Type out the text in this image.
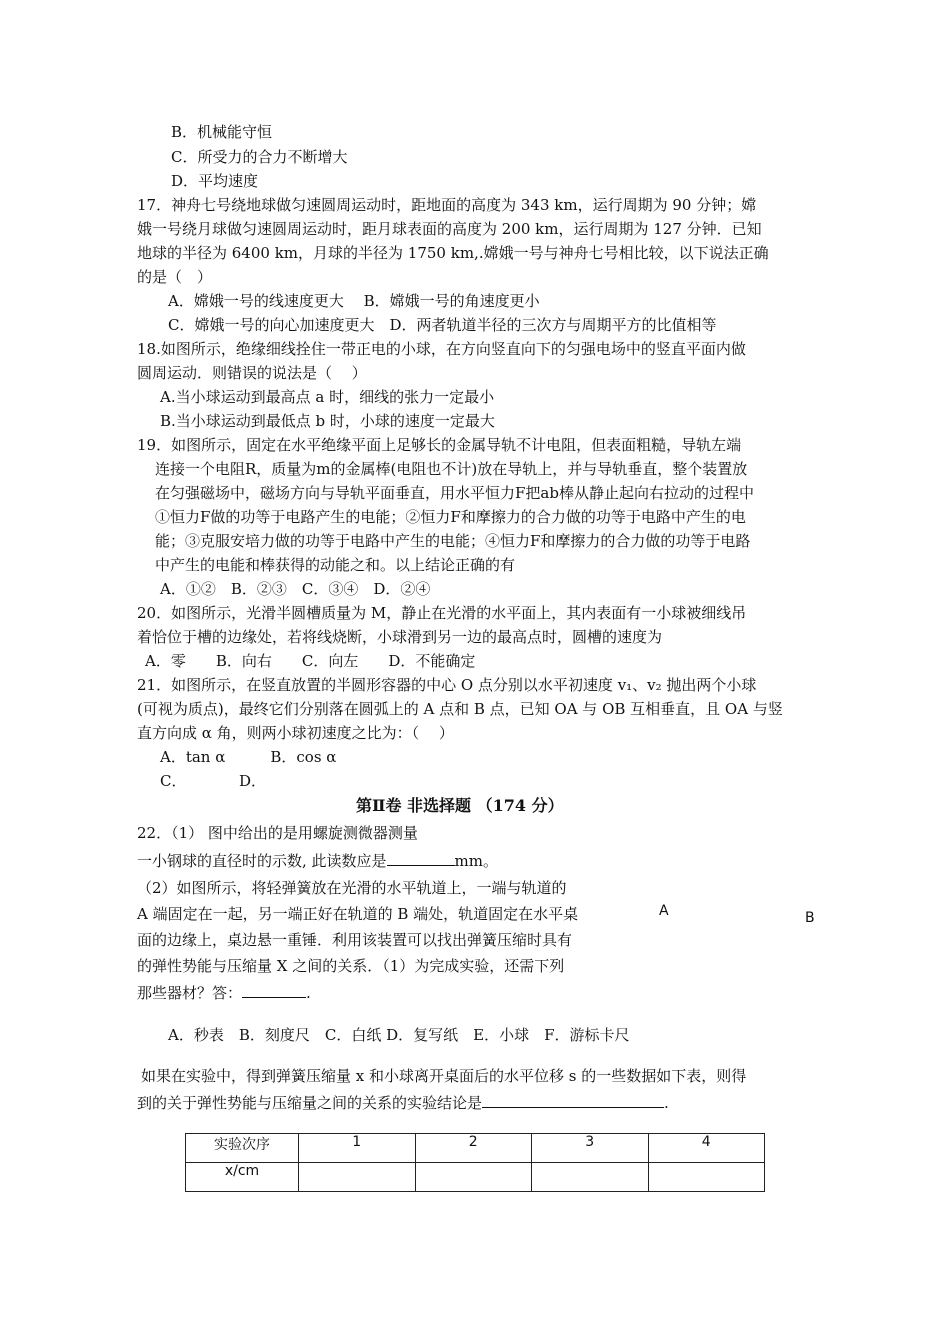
B．机械能守恒
C．所受力的合力不断增大
D．平均速度
17．神舟七号绕地球做匀速圆周运动时，距地面的高度为 343 km，运行周期为 90 分钟；嫦
娥一号绕月球做匀速圆周运动时，距月球表面的高度为 200 km，运行周期为 127 分钟．已知
地球的半径为 6400 km，月球的半径为 1750 km,.嫦娥一号与神舟七号相比较，以下说法正确
的是（　）
A．嫦娥一号的线速度更大　 B．嫦娥一号的角速度更小
C．嫦娥一号的向心加速度更大　D．两者轨道半径的三次方与周期平方的比值相等
18.如图所示，绝缘细线拴住一带正电的小球，在方向竖直向下的匀强电场中的竖直平面内做
圆周运动．则错误的说法是（　 ）
A.当小球运动到最高点 a 时，细线的张力一定最小
B.当小球运动到最低点 b 时，小球的速度一定最大
19．如图所示，固定在水平绝缘平面上足够长的金属导轨不计电阻，但表面粗糙，导轨左端
连接一个电阻R，质量为m的金属棒(电阻也不计)放在导轨上，并与导轨垂直，整个装置放
在匀强磁场中，磁场方向与导轨平面垂直，用水平恒力F把ab棒从静止起向右拉动的过程中
①恒力F做的功等于电路产生的电能；②恒力F和摩擦力的合力做的功等于电路中产生的电
能；③克服安培力做的功等于电路中产生的电能；④恒力F和摩擦力的合力做的功等于电路
中产生的电能和棒获得的动能之和。以上结论正确的有
A．①②　B．②③　C．③④　D．②④
20．如图所示，光滑半圆槽质量为 M，静止在光滑的水平面上，其内表面有一小球被细线吊
着恰位于槽的边缘处，若将线烧断，小球滑到另一边的最高点时，圆槽的速度为
A．零　　B．向右　　C．向左　　D．不能确定
21．如图所示，在竖直放置的半圆形容器的中心 O 点分别以水平初速度 v₁、v₂ 抛出两个小球
(可视为质点)，最终它们分别落在圆弧上的 A 点和 B 点，已知 OA 与 OB 互相垂直，且 OA 与竖
直方向成 α 角，则两小球初速度之比为：（　 ）
A．tan α　　　B．cos α
C．　　　　D．
第Ⅱ卷 非选择题 （174 分）
22．（1） 图中给出的是用螺旋测微器测量
一小钢球的直径时的示数, 此读数应是	mm。
（2）如图所示，将轻弹簧放在光滑的水平轨道上，一端与轨道的
A 端固定在一起，另一端正好在轨道的 B 端处，轨道固定在水平桌
面的边缘上，桌边悬一重锤．利用该装置可以找出弹簧压缩时具有
的弹性势能与压缩量 X 之间的关系．（1）为完成实验，还需下列
那些器材？答：	.
A	B
A．秒表　B．刻度尺　C．白纸 D．复写纸　E．小球　F．游标卡尺
如果在实验中，得到弹簧压缩量 x 和小球离开桌面后的水平位移 s 的一些数据如下表，则得
到的关于弹性势能与压缩量之间的关系的实验结论是	.
实验次序	1	2	3	4
x/cm				
